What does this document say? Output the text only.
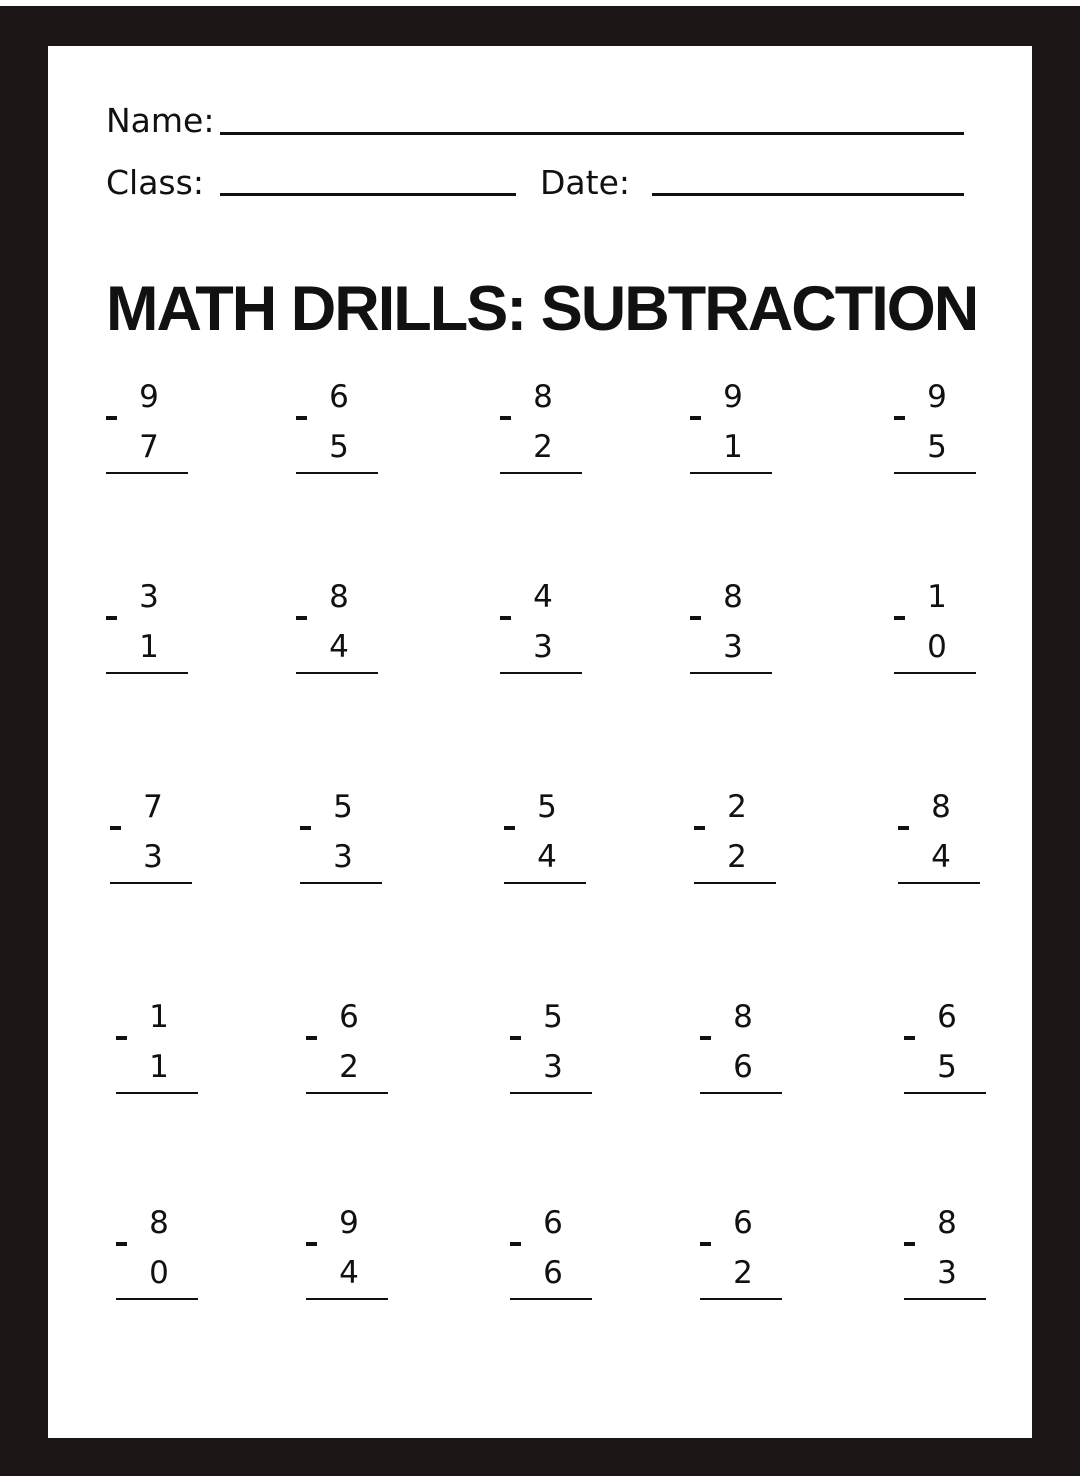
Name:
Class:	Date:
MATH DRILLS: SUBTRACTION
9
7
6
5
8
2
9
1
9
5
3
1
8
4
4
3
8
3
1
0
7
3
5
3
5
4
2
2
8
4
1
1
6
2
5
3
8
6
6
5
8
0
9
4
6
6
6
2
8
3
